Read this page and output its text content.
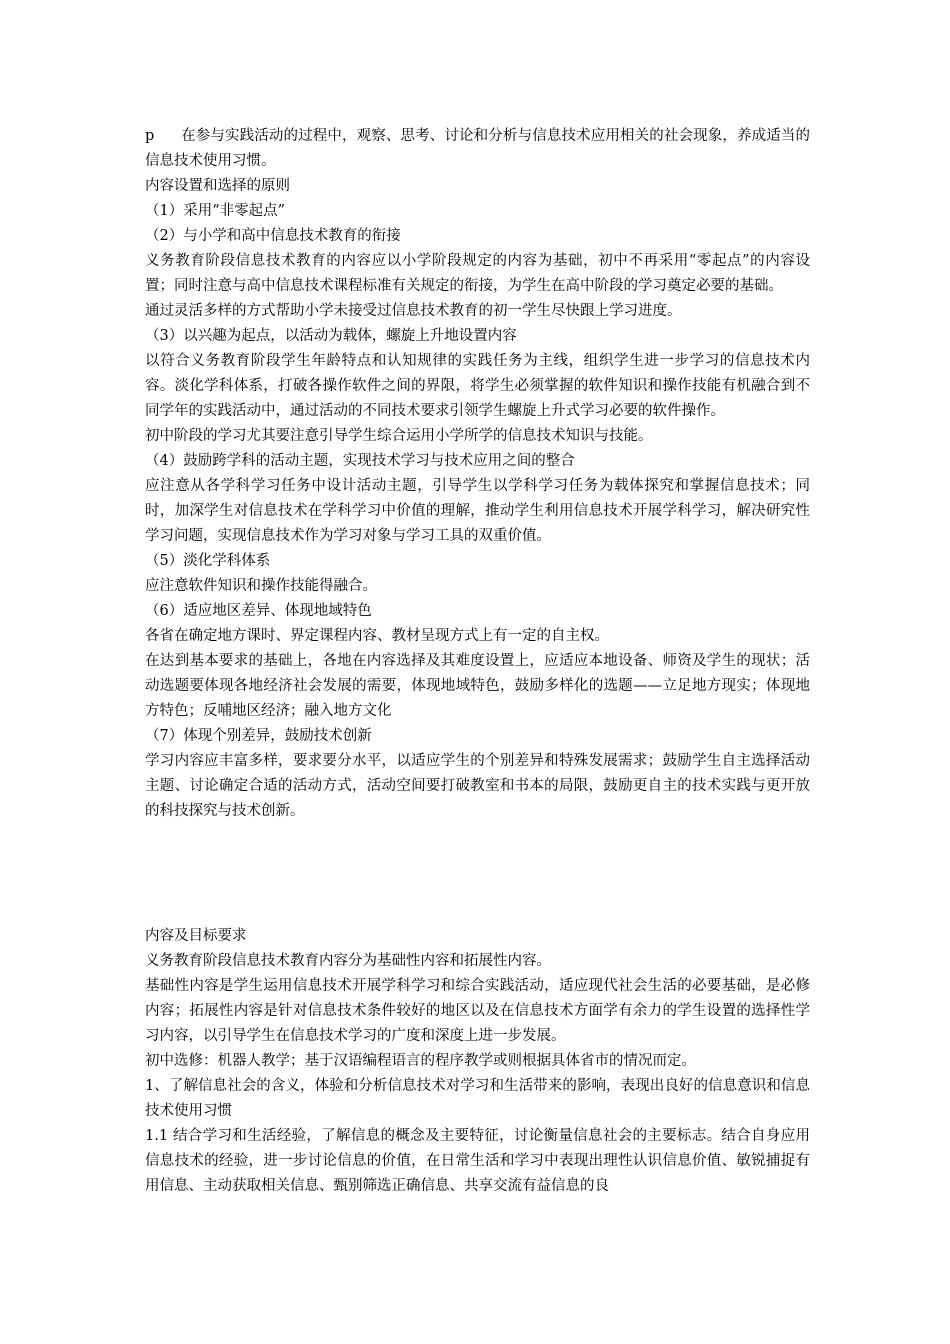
p 在参与实践活动的过程中，观察、思考、讨论和分析与信息技术应用相关的社会现象，养成适当的信息技术使用习惯。

内容设置和选择的原则

（1）采用“非零起点”

（2）与小学和高中信息技术教育的衔接

义务教育阶段信息技术教育的内容应以小学阶段规定的内容为基础，初中不再采用“零起点”的内容设置；同时注意与高中信息技术课程标准有关规定的衔接，为学生在高中阶段的学习奠定必要的基础。

通过灵活多样的方式帮助小学未接受过信息技术教育的初一学生尽快跟上学习进度。

（3）以兴趣为起点，以活动为载体，螺旋上升地设置内容

以符合义务教育阶段学生年龄特点和认知规律的实践任务为主线，组织学生进一步学习的信息技术内容。淡化学科体系，打破各操作软件之间的界限，将学生必须掌握的软件知识和操作技能有机融合到不同学年的实践活动中，通过活动的不同技术要求引领学生螺旋上升式学习必要的软件操作。

初中阶段的学习尤其要注意引导学生综合运用小学所学的信息技术知识与技能。

（4）鼓励跨学科的活动主题，实现技术学习与技术应用之间的整合

应注意从各学科学习任务中设计活动主题，引导学生以学科学习任务为载体探究和掌握信息技术；同时，加深学生对信息技术在学科学习中价值的理解，推动学生利用信息技术开展学科学习，解决研究性学习问题，实现信息技术作为学习对象与学习工具的双重价值。

（5）淡化学科体系

应注意软件知识和操作技能得融合。

（6）适应地区差异、体现地域特色

各省在确定地方课时、界定课程内容、教材呈现方式上有一定的自主权。

在达到基本要求的基础上，各地在内容选择及其难度设置上，应适应本地设备、师资及学生的现状；活动选题要体现各地经济社会发展的需要，体现地域特色，鼓励多样化的选题——立足地方现实；体现地方特色；反哺地区经济；融入地方文化

（7）体现个别差异，鼓励技术创新

学习内容应丰富多样，要求要分水平，以适应学生的个别差异和特殊发展需求；鼓励学生自主选择活动主题、讨论确定合适的活动方式，活动空间要打破教室和书本的局限，鼓励更自主的技术实践与更开放的科技探究与技术创新。

内容及目标要求

义务教育阶段信息技术教育内容分为基础性内容和拓展性内容。

基础性内容是学生运用信息技术开展学科学习和综合实践活动，适应现代社会生活的必要基础，是必修内容；拓展性内容是针对信息技术条件较好的地区以及在信息技术方面学有余力的学生设置的选择性学习内容，以引导学生在信息技术学习的广度和深度上进一步发展。

初中选修：机器人教学；基于汉语编程语言的程序教学或则根据具体省市的情况而定。

1、了解信息社会的含义，体验和分析信息技术对学习和生活带来的影响，表现出良好的信息意识和信息技术使用习惯

1.1 结合学习和生活经验，了解信息的概念及主要特征，讨论衡量信息社会的主要标志。结合自身应用信息技术的经验，进一步讨论信息的价值，在日常生活和学习中表现出理性认识信息价值、敏锐捕捉有用信息、主动获取相关信息、甄别筛选正确信息、共享交流有益信息的良
